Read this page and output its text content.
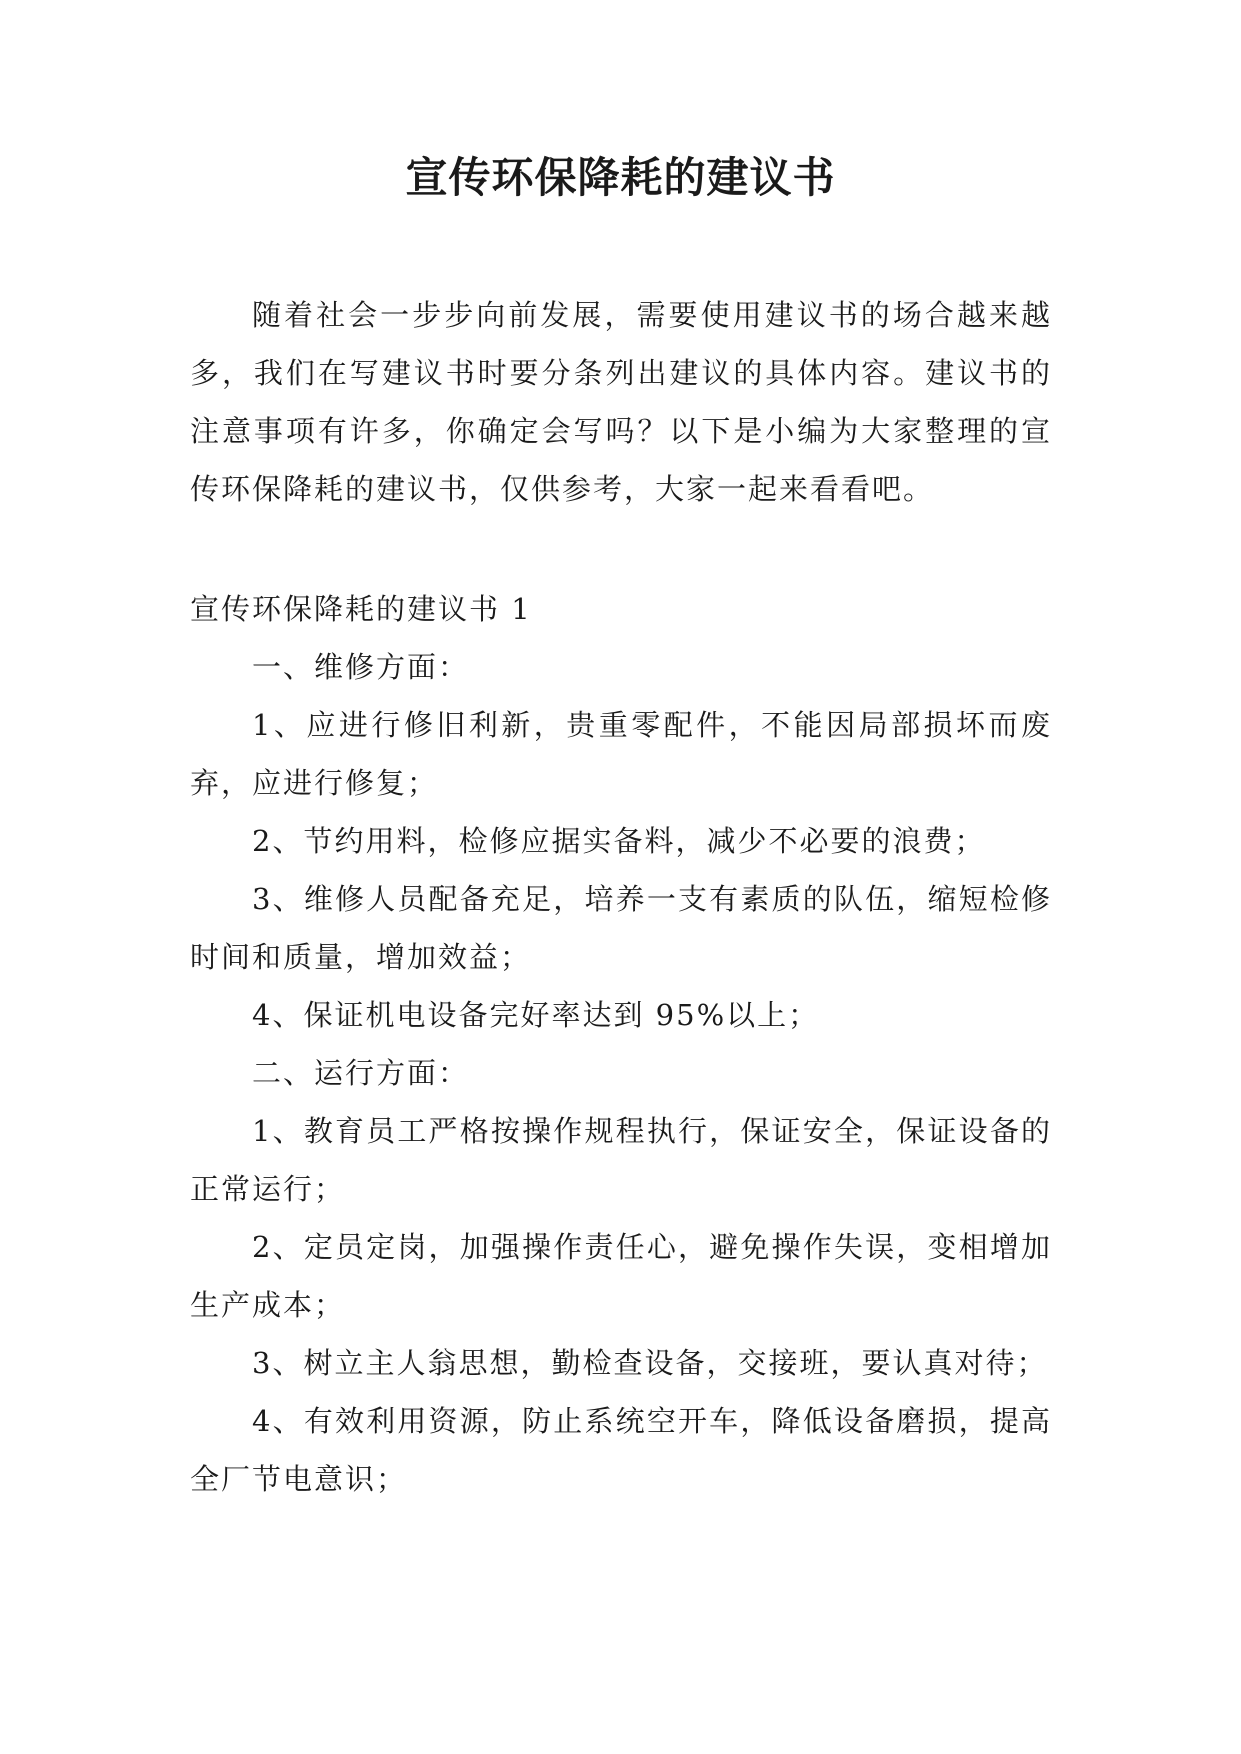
宣传环保降耗的建议书

随着社会一步步向前发展，需要使用建议书的场合越来越多，我们在写建议书时要分条列出建议的具体内容。建议书的注意事项有许多，你确定会写吗？以下是小编为大家整理的宣传环保降耗的建议书，仅供参考，大家一起来看看吧。

宣传环保降耗的建议书 1

一、维修方面：

1、应进行修旧利新，贵重零配件，不能因局部损坏而废弃，应进行修复；

2、节约用料，检修应据实备料，减少不必要的浪费；

3、维修人员配备充足，培养一支有素质的队伍，缩短检修时间和质量，增加效益；

4、保证机电设备完好率达到 95%以上；

二、运行方面：

1、教育员工严格按操作规程执行，保证安全，保证设备的正常运行；

2、定员定岗，加强操作责任心，避免操作失误，变相增加生产成本；

3、树立主人翁思想，勤检查设备，交接班，要认真对待；

4、有效利用资源，防止系统空开车，降低设备磨损，提高全厂节电意识；
